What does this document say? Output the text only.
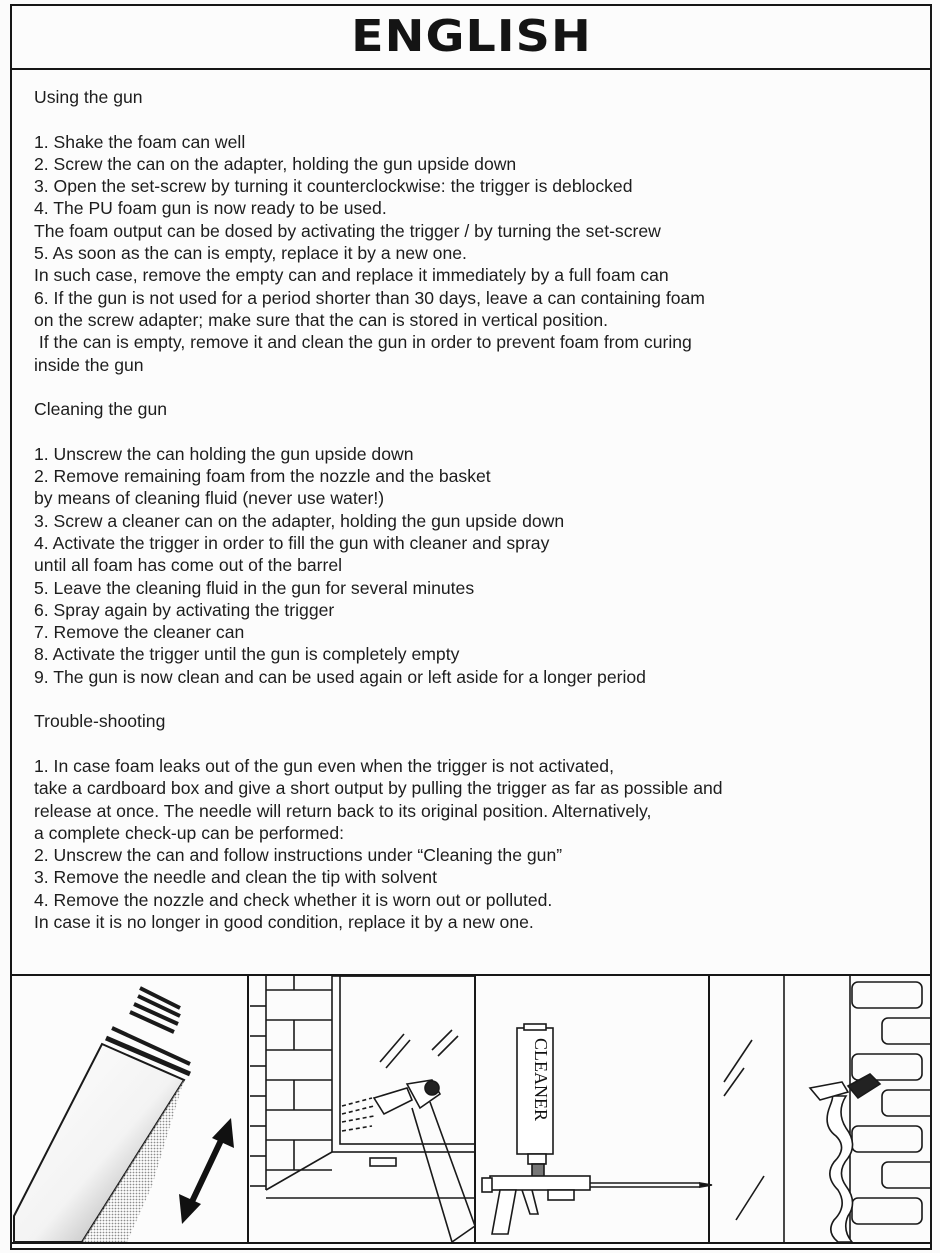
ENGLISH
Using the gun
1. Shake the foam can well
2. Screw the can on the adapter, holding the gun upside down
3. Open the set-screw by turning it counterclockwise: the trigger is deblocked
4. The PU foam gun is now ready to be used.
The foam output can be dosed by activating the trigger / by turning the set-screw
5. As soon as the can is empty, replace it by a new one.
In such case, remove the empty can and replace it immediately by a full foam can
6. If the gun is not used for a period shorter than 30 days, leave a can containing foam
on the screw adapter; make sure that the can is stored in vertical position.
If the can is empty, remove it and clean the gun in order to prevent foam from curing
inside the gun
Cleaning the gun
1. Unscrew the can holding the gun upside down
2. Remove remaining foam from the nozzle and the basket
by means of cleaning fluid (never use water!)
3. Screw a cleaner can on the adapter, holding the gun upside down
4. Activate the trigger in order to fill the gun with cleaner and spray
until all foam has come out of the barrel
5. Leave the cleaning fluid in the gun for several minutes
6. Spray again by activating the trigger
7. Remove the cleaner can
8. Activate the trigger until the gun is completely empty
9. The gun is now clean and can be used again or left aside for a longer period
Trouble-shooting
1. In case foam leaks out of the gun even when the trigger is not activated,
take a cardboard box and give a short output by pulling the trigger as far as possible and
release at once. The needle will return back to its original position. Alternatively,
a complete check-up can be performed:
2. Unscrew the can and follow instructions under “Cleaning the gun”
3. Remove the needle and clean the tip with solvent
4. Remove the nozzle and check whether it is worn out or polluted.
In case it is no longer in good condition, replace it by a new one.
CLEANER
